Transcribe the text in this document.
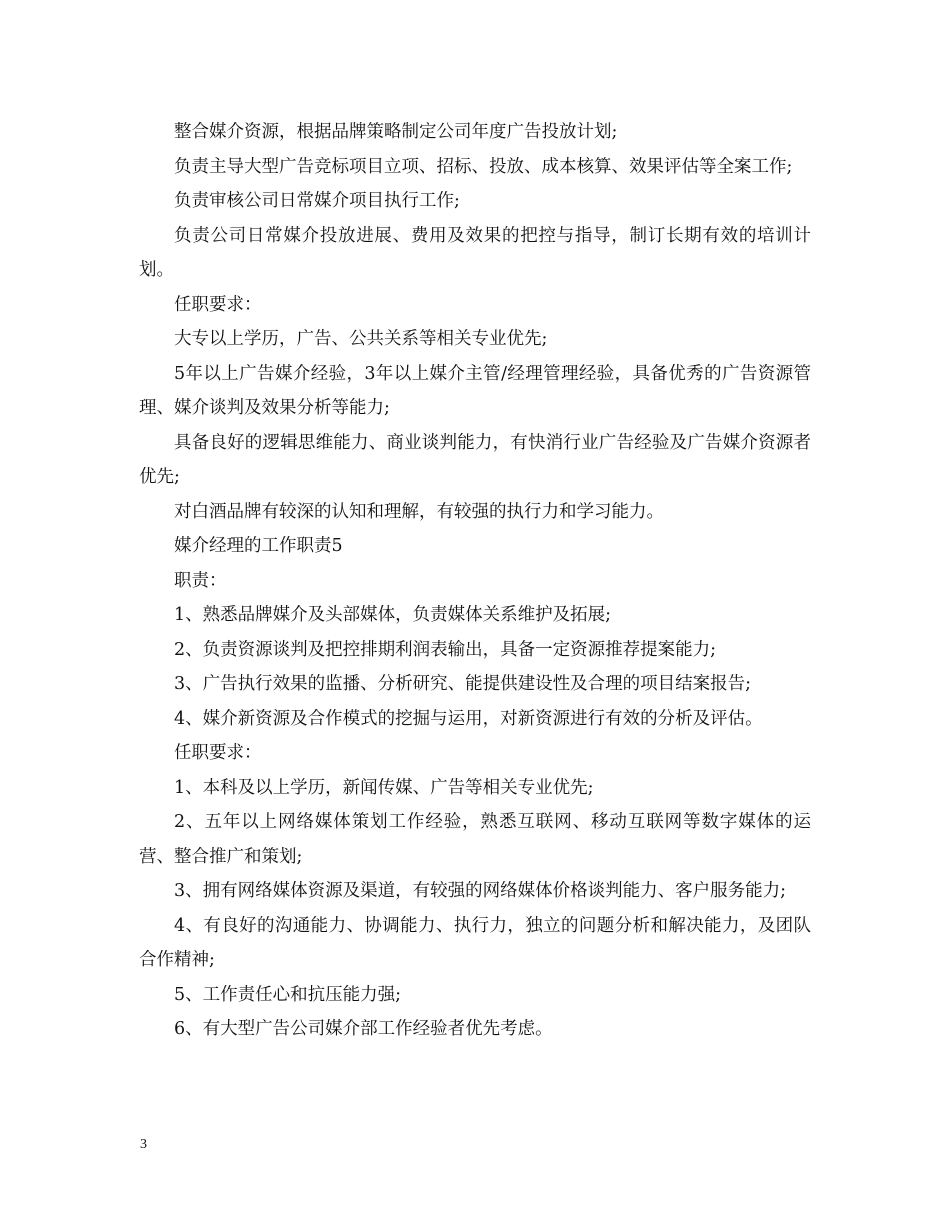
整合媒介资源，根据品牌策略制定公司年度广告投放计划;

负责主导大型广告竞标项目立项、招标、投放、成本核算、效果评估等全案工作;

负责审核公司日常媒介项目执行工作;

负责公司日常媒介投放进展、费用及效果的把控与指导，制订长期有效的培训计划。

任职要求：

大专以上学历，广告、公共关系等相关专业优先;

5年以上广告媒介经验，3年以上媒介主管/经理管理经验，具备优秀的广告资源管理、媒介谈判及效果分析等能力;

具备良好的逻辑思维能力、商业谈判能力，有快消行业广告经验及广告媒介资源者优先;

对白酒品牌有较深的认知和理解，有较强的执行力和学习能力。

媒介经理的工作职责5

职责：

1、熟悉品牌媒介及头部媒体，负责媒体关系维护及拓展;

2、负责资源谈判及把控排期利润表输出，具备一定资源推荐提案能力;

3、广告执行效果的监播、分析研究、能提供建设性及合理的项目结案报告;

4、媒介新资源及合作模式的挖掘与运用，对新资源进行有效的分析及评估。

任职要求：

1、本科及以上学历，新闻传媒、广告等相关专业优先;

2、五年以上网络媒体策划工作经验，熟悉互联网、移动互联网等数字媒体的运营、整合推广和策划;

3、拥有网络媒体资源及渠道，有较强的网络媒体价格谈判能力、客户服务能力;

4、有良好的沟通能力、协调能力、执行力，独立的问题分析和解决能力，及团队合作精神;

5、工作责任心和抗压能力强;

6、有大型广告公司媒介部工作经验者优先考虑。

3
